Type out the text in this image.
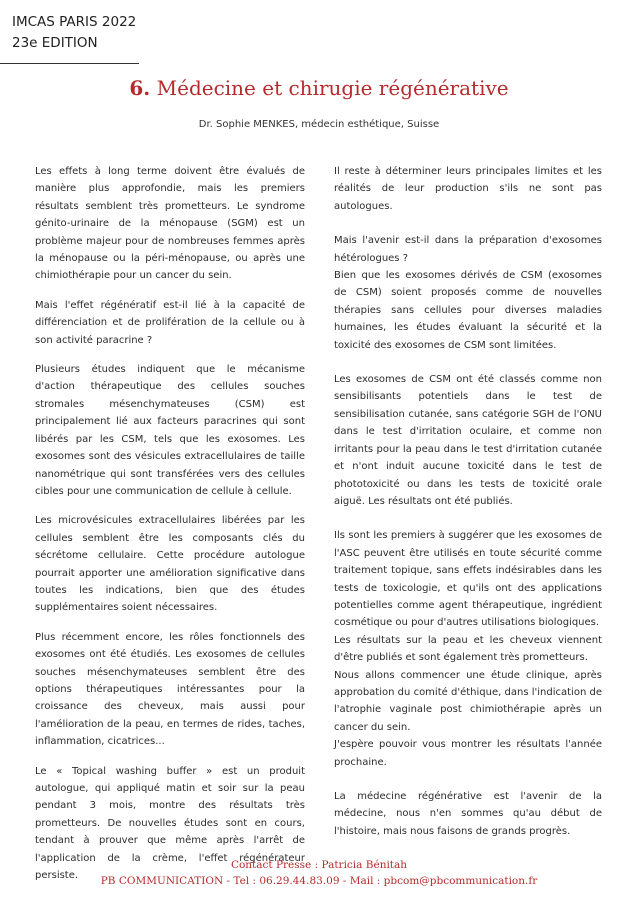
IMCAS PARIS 2022
23e EDITION
6. Médecine et chirugie régénérative
Dr. Sophie MENKES, médecin esthétique, Suisse

Les effets à long terme doivent être évalués de manière plus approfondie, mais les premiers résultats semblent très prometteurs. Le syndrome génito-urinaire de la ménopause (SGM) est un problème majeur pour de nombreuses femmes après la ménopause ou la péri-ménopause, ou après une chimiothérapie pour un cancer du sein.

Mais l'effet régénératif est-il lié à la capacité de différenciation et de prolifération de la cellule ou à son activité paracrine ?

Plusieurs études indiquent que le mécanisme d'action thérapeutique des cellules souches stromales mésenchymateuses (CSM) est principalement lié aux facteurs paracrines qui sont libérés par les CSM, tels que les exosomes. Les exosomes sont des vésicules extracellulaires de taille nanométrique qui sont transférées vers des cellules cibles pour une communication de cellule à cellule.

Les microvésicules extracellulaires libérées par les cellules semblent être les composants clés du sécrétome cellulaire. Cette procédure autologue pourrait apporter une amélioration significative dans toutes les indications, bien que des études supplémentaires soient nécessaires.

Plus récemment encore, les rôles fonctionnels des exosomes ont été étudiés. Les exosomes de cellules souches mésenchymateuses semblent être des options thérapeutiques intéressantes pour la croissance des cheveux, mais aussi pour l'amélioration de la peau, en termes de rides, taches, inflammation, cicatrices...

Le « Topical washing buffer » est un produit autologue, qui appliqué matin et soir sur la peau pendant 3 mois, montre des résultats très prometteurs. De nouvelles études sont en cours, tendant à prouver que même après l'arrêt de l'application de la crème, l'effet régénérateur persiste.

Il reste à déterminer leurs principales limites et les réalités de leur production s'ils ne sont pas autologues.

Mais l'avenir est-il dans la préparation d'exosomes hétérologues ?
Bien que les exosomes dérivés de CSM (exosomes de CSM) soient proposés comme de nouvelles thérapies sans cellules pour diverses maladies humaines, les études évaluant la sécurité et la toxicité des exosomes de CSM sont limitées.

Les exosomes de CSM ont été classés comme non sensibilisants potentiels dans le test de sensibilisation cutanée, sans catégorie SGH de l'ONU dans le test d'irritation oculaire, et comme non irritants pour la peau dans le test d'irritation cutanée et n'ont induit aucune toxicité dans le test de phototoxicité ou dans les tests de toxicité orale aiguë. Les résultats ont été publiés.

Ils sont les premiers à suggérer que les exosomes de l'ASC peuvent être utilisés en toute sécurité comme traitement topique, sans effets indésirables dans les tests de toxicologie, et qu'ils ont des applications potentielles comme agent thérapeutique, ingrédient cosmétique ou pour d'autres utilisations biologiques.
Les résultats sur la peau et les cheveux viennent d'être publiés et sont également très prometteurs.
Nous allons commencer une étude clinique, après approbation du comité d'éthique, dans l'indication de l'atrophie vaginale post chimiothérapie après un cancer du sein.
J'espère pouvoir vous montrer les résultats l'année prochaine.

La médecine régénérative est l'avenir de la médecine, nous n'en sommes qu'au début de l'histoire, mais nous faisons de grands progrès.

Contact Presse : Patricia Bénitah
PB COMMUNICATION - Tel : 06.29.44.83.09 - Mail : pbcom@pbcommunication.fr
